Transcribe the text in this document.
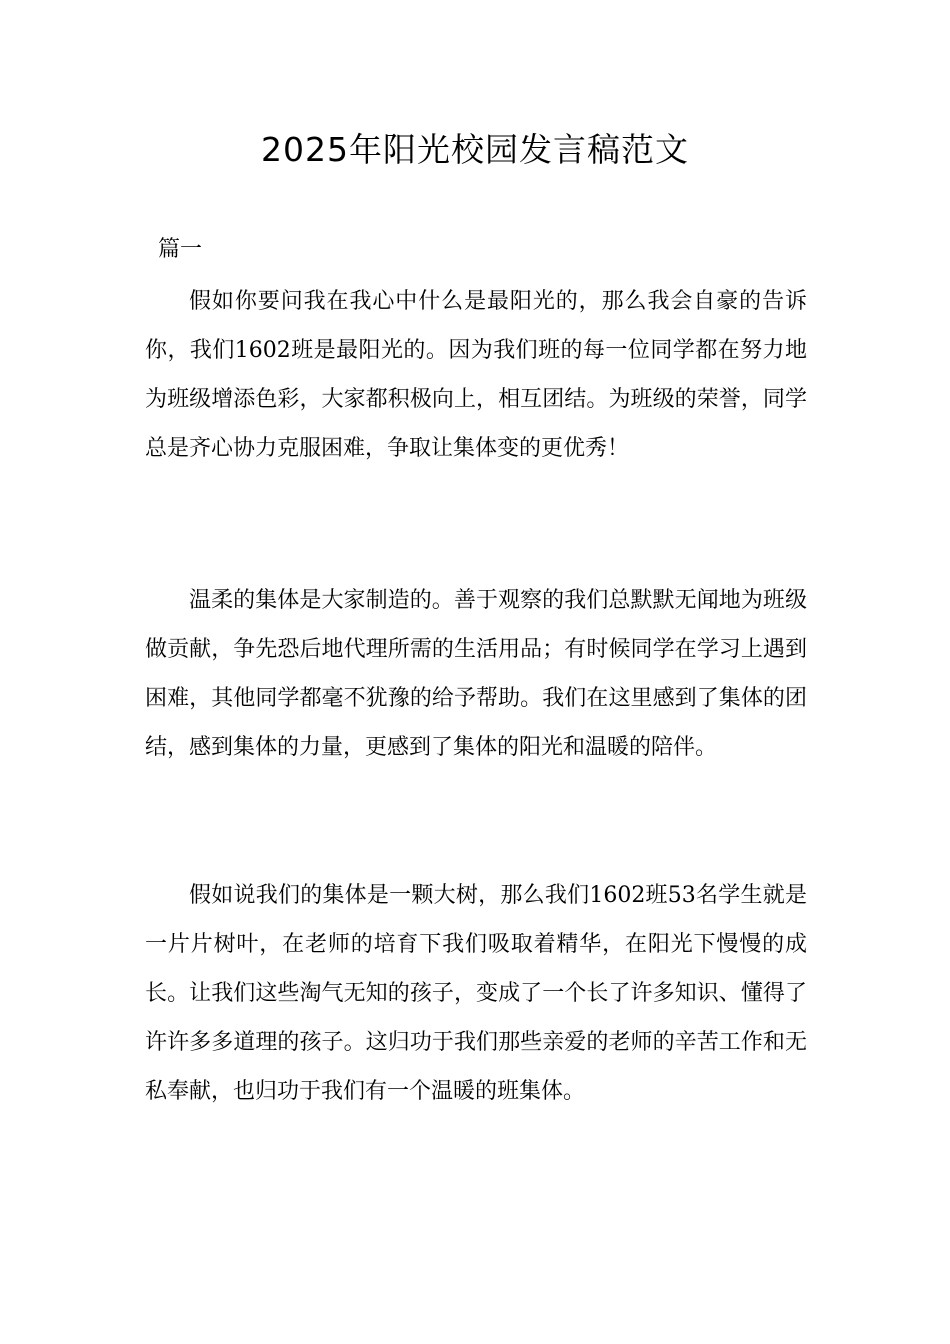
2025年阳光校园发言稿范文
篇一

假如你要问我在我心中什么是最阳光的，那么我会自豪的告诉你，我们1602班是最阳光的。因为我们班的每一位同学都在努力地为班级增添色彩，大家都积极向上，相互团结。为班级的荣誉，同学总是齐心协力克服困难，争取让集体变的更优秀！

温柔的集体是大家制造的。善于观察的我们总默默无闻地为班级做贡献，争先恐后地代理所需的生活用品；有时候同学在学习上遇到困难，其他同学都毫不犹豫的给予帮助。我们在这里感到了集体的团结，感到集体的力量，更感到了集体的阳光和温暖的陪伴。

假如说我们的集体是一颗大树，那么我们1602班53名学生就是一片片树叶，在老师的培育下我们吸取着精华，在阳光下慢慢的成长。让我们这些淘气无知的孩子，变成了一个长了许多知识、懂得了许许多多道理的孩子。这归功于我们那些亲爱的老师的辛苦工作和无私奉献，也归功于我们有一个温暖的班集体。
